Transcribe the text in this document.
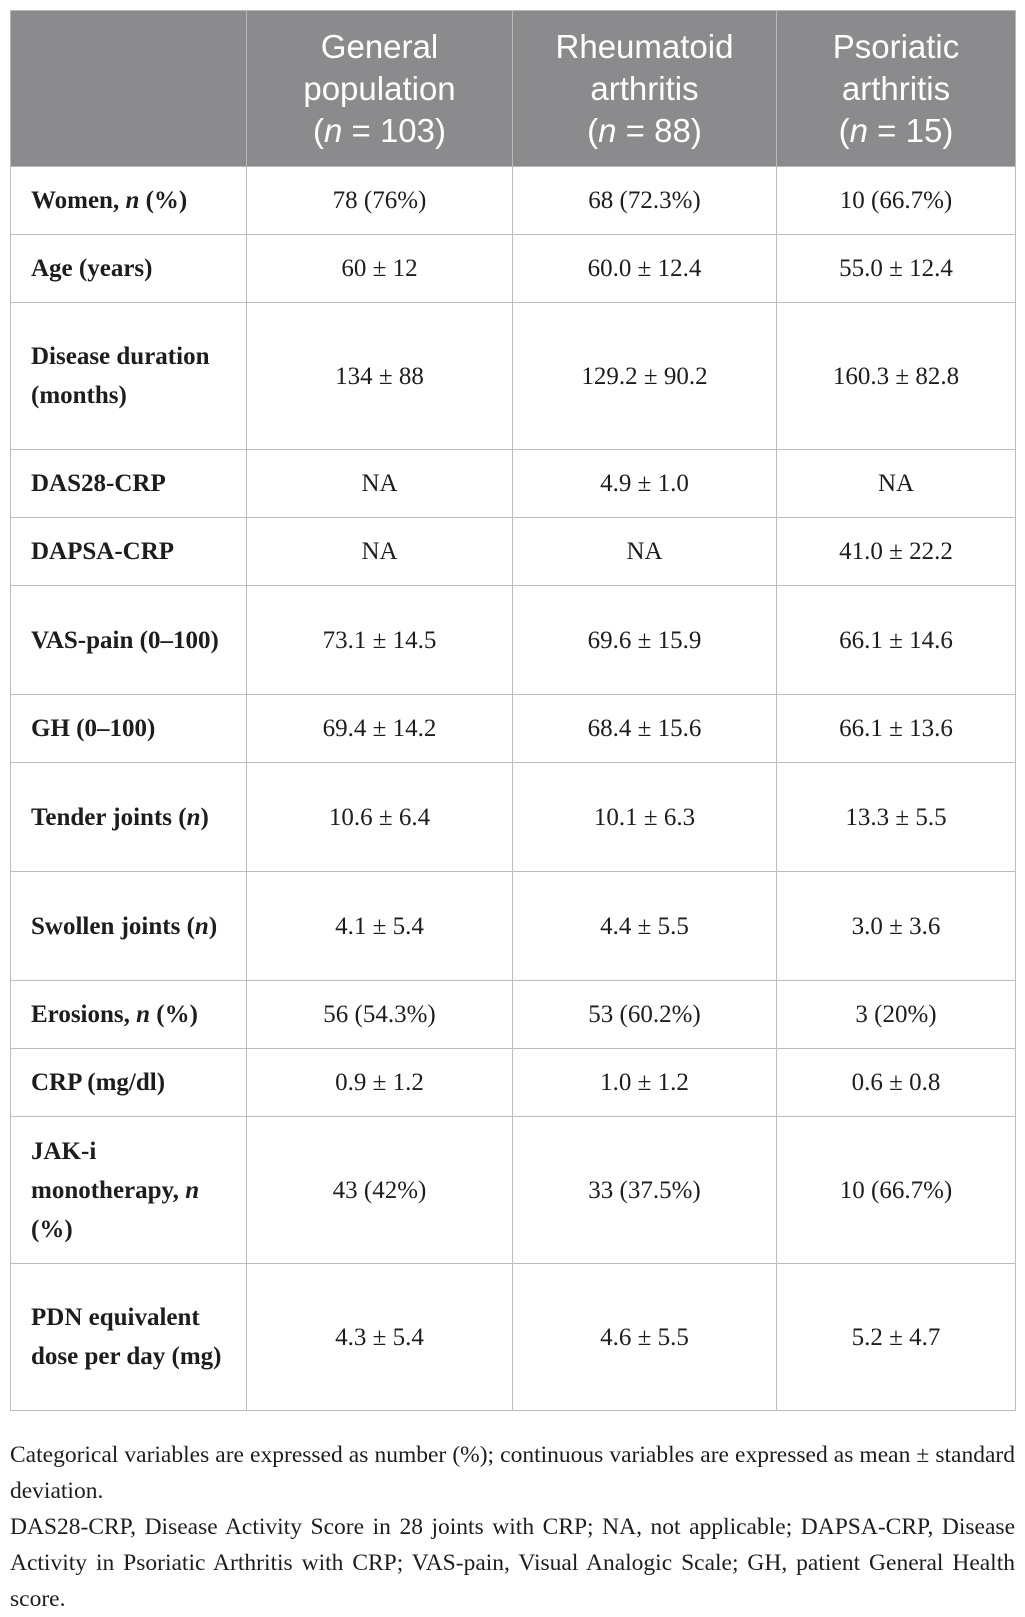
	General
population
(n = 103)	Rheumatoid
arthritis
(n = 88)	Psoriatic
arthritis
(n = 15)
Women, n (%)	78 (76%)	68 (72.3%)	10 (66.7%)
Age (years)	60 ± 12	60.0 ± 12.4	55.0 ± 12.4
Disease duration (months)	134 ± 88	129.2 ± 90.2	160.3 ± 82.8
DAS28-CRP	NA	4.9 ± 1.0	NA
DAPSA-CRP	NA	NA	41.0 ± 22.2
VAS-pain (0–100)	73.1 ± 14.5	69.6 ± 15.9	66.1 ± 14.6
GH (0–100)	69.4 ± 14.2	68.4 ± 15.6	66.1 ± 13.6
Tender joints (n)	10.6 ± 6.4	10.1 ± 6.3	13.3 ± 5.5
Swollen joints (n)	4.1 ± 5.4	4.4 ± 5.5	3.0 ± 3.6
Erosions, n (%)	56 (54.3%)	53 (60.2%)	3 (20%)
CRP (mg/dl)	0.9 ± 1.2	1.0 ± 1.2	0.6 ± 0.8
JAK-i monotherapy, n (%)	43 (42%)	33 (37.5%)	10 (66.7%)
PDN equivalent dose per day (mg)	4.3 ± 5.4	4.6 ± 5.5	5.2 ± 4.7

Categorical variables are expressed as number (%); continuous variables are expressed as mean ± standard deviation.

DAS28-CRP, Disease Activity Score in 28 joints with CRP; NA, not applicable; DAPSA-CRP, Disease Activity in Psoriatic Arthritis with CRP; VAS-pain, Visual Analogic Scale; GH, patient General Health score.
